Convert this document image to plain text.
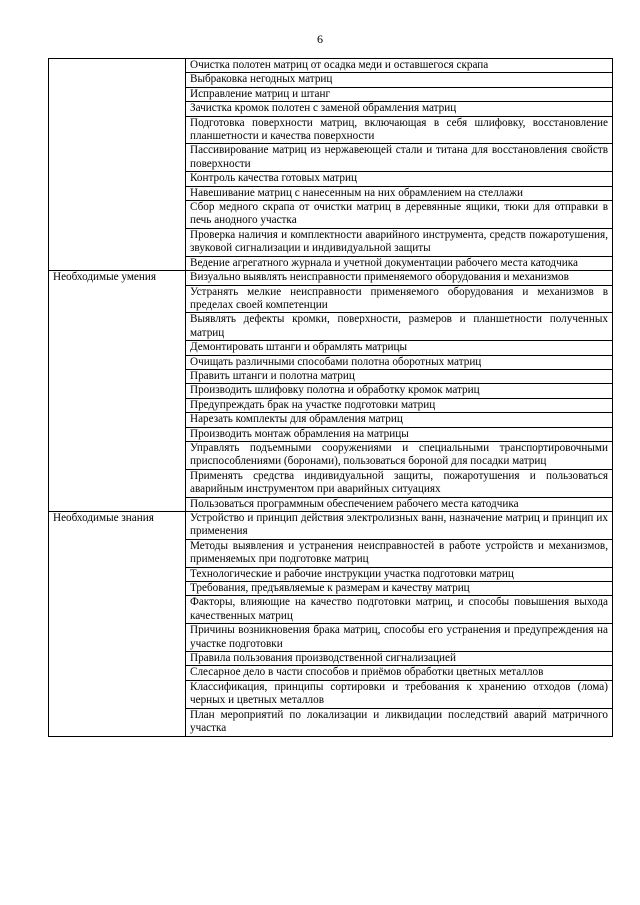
6
	Очистка полотен матриц от осадка меди и оставшегося скрапа
	Выбраковка негодных матриц
	Исправление матриц и штанг
	Зачистка кромок полотен с заменой обрамления матриц
	Подготовка поверхности матриц, включающая в себя шлифовку, восстановление планшетности и качества поверхности
	Пассивирование матриц из нержавеющей стали и титана для восстановления свойств поверхности
	Контроль качества готовых матриц
	Навешивание матриц с нанесенным на них обрамлением на стеллажи
	Сбор медного скрапа от очистки матриц в деревянные ящики, тюки для отправки в печь анодного участка
	Проверка наличия и комплектности аварийного инструмента, средств пожаротушения, звуковой сигнализации и индивидуальной защиты
	Ведение агрегатного журнала и учетной документации рабочего места катодчика
Необходимые умения	Визуально выявлять неисправности применяемого оборудования и механизмов
	Устранять мелкие неисправности применяемого оборудования и механизмов в пределах своей компетенции
	Выявлять дефекты кромки, поверхности, размеров и планшетности полученных матриц
	Демонтировать штанги и обрамлять матрицы
	Очищать различными способами полотна оборотных матриц
	Править штанги и полотна матриц
	Производить шлифовку полотна и обработку кромок матриц
	Предупреждать брак на участке подготовки матриц
	Нарезать комплекты для обрамления матриц
	Производить монтаж обрамления на матрицы
	Управлять подъемными сооружениями и специальными транспортировочными приспособлениями (боронами), пользоваться бороной для посадки матриц
	Применять средства индивидуальной защиты, пожаротушения и пользоваться аварийным инструментом при аварийных ситуациях
	Пользоваться программным обеспечением рабочего места катодчика
Необходимые знания	Устройство и принцип действия электролизных ванн, назначение матриц и принцип их применения
	Методы выявления и устранения неисправностей в работе устройств и механизмов, применяемых при подготовке матриц
	Технологические и рабочие инструкции участка подготовки матриц
	Требования, предъявляемые к размерам и качеству матриц
	Факторы, влияющие на качество подготовки матриц, и способы повышения выхода качественных матриц
	Причины возникновения брака матриц, способы его устранения и предупреждения на участке подготовки
	Правила пользования производственной сигнализацией
	Слесарное дело в части способов и приёмов обработки цветных металлов
	Классификация, принципы сортировки и требования к хранению отходов (лома) черных и цветных металлов
	План мероприятий по локализации и ликвидации последствий аварий матричного участка
